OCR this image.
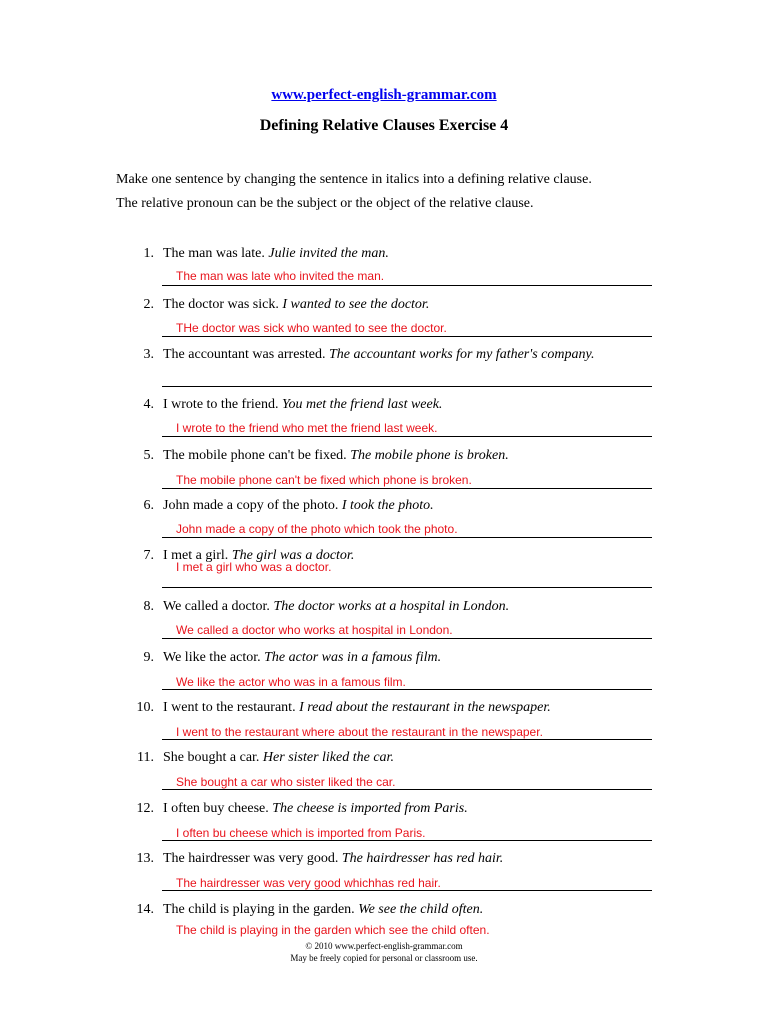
www.perfect-english-grammar.com
Defining Relative Clauses Exercise 4
Make one sentence by changing the sentence in italics into a defining relative clause.
The relative pronoun can be the subject or the object of the relative clause.
1. The man was late. Julie invited the man.
The man was late who invited the man.
2. The doctor was sick. I wanted to see the doctor.
THe doctor was sick who wanted to see the doctor.
3. The accountant was arrested. The accountant works for my father's company.
4. I wrote to the friend. You met the friend last week.
I wrote to the friend who met the friend last week.
5. The mobile phone can't be fixed. The mobile phone is broken.
The mobile phone can't be fixed which phone is broken.
6. John made a copy of the photo. I took the photo.
John made a copy of the photo which took the photo.
7. I met a girl. The girl was a doctor.
I met a girl who was a doctor.
8. We called a doctor. The doctor works at a hospital in London.
We called a doctor who works at hospital in London.
9. We like the actor. The actor was in a famous film.
We like the actor who was in a famous film.
10. I went to the restaurant. I read about the restaurant in the newspaper.
I went to the restaurant where about the restaurant in the newspaper.
11. She bought a car. Her sister liked the car.
She bought a car who sister liked the car.
12. I often buy cheese. The cheese is imported from Paris.
I often bu cheese which is imported from Paris.
13. The hairdresser was very good. The hairdresser has red hair.
The hairdresser was very good whichhas red hair.
14. The child is playing in the garden. We see the child often.
The child is playing in the garden which see the child often.
© 2010 www.perfect-english-grammar.com
May be freely copied for personal or classroom use.
